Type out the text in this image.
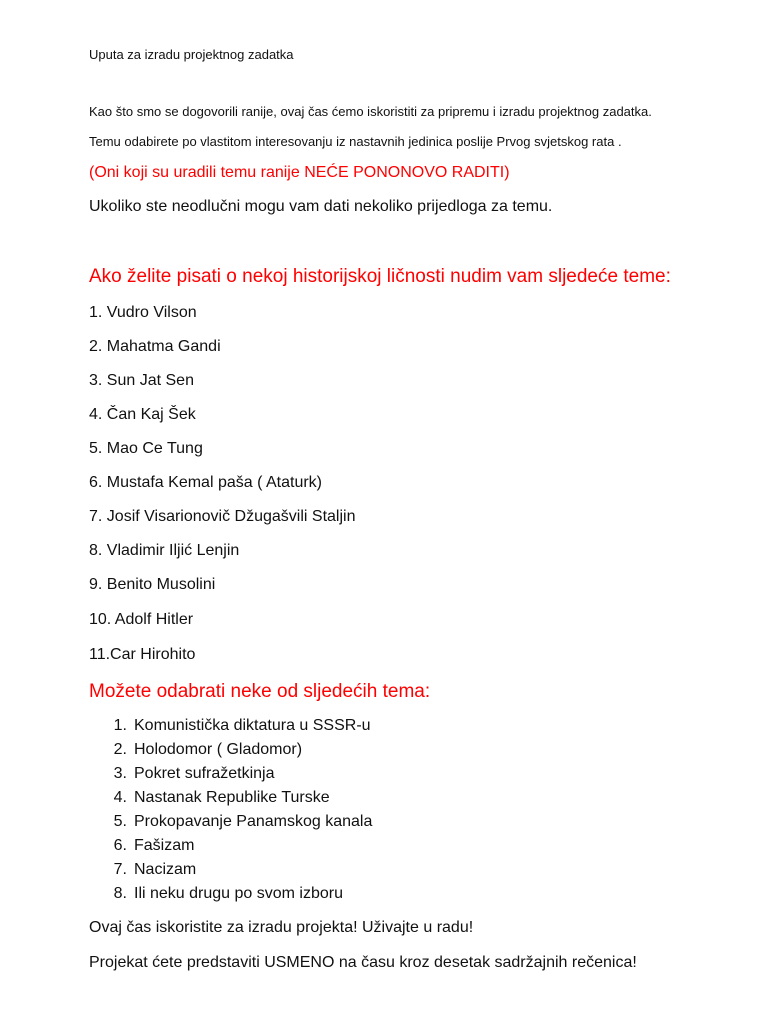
Uputa za izradu projektnog zadatka
Kao što smo se dogovorili ranije, ovaj čas ćemo iskoristiti za pripremu i izradu projektnog zadatka.
Temu odabirete po vlastitom interesovanju iz nastavnih jedinica poslije Prvog svjetskog rata .
(Oni koji su uradili temu ranije NEĆE PONONOVO RADITI)
Ukoliko ste neodlučni mogu vam dati nekoliko prijedloga za temu.
Ako želite pisati o nekoj historijskoj ličnosti nudim vam sljedeće teme:
1. Vudro Vilson
2. Mahatma Gandi
3. Sun Jat Sen
4. Čan Kaj Šek
5. Mao Ce Tung
6. Mustafa Kemal paša ( Ataturk)
7. Josif Visarionovič Džugašvili Staljin
8. Vladimir Iljić Lenjin
9. Benito Musolini
10. Adolf Hitler
11.Car Hirohito
Možete odabrati neke od sljedećih tema:
1. Komunistička diktatura u SSSR-u
2. Holodomor ( Gladomor)
3. Pokret sufražetkinja
4. Nastanak Republike Turske
5. Prokopavanje Panamskog kanala
6. Fašizam
7. Nacizam
8. Ili neku drugu po svom izboru
Ovaj čas iskoristite za izradu projekta! Uživajte u radu!
Projekat ćete predstaviti USMENO na času kroz desetak sadržajnih rečenica!
